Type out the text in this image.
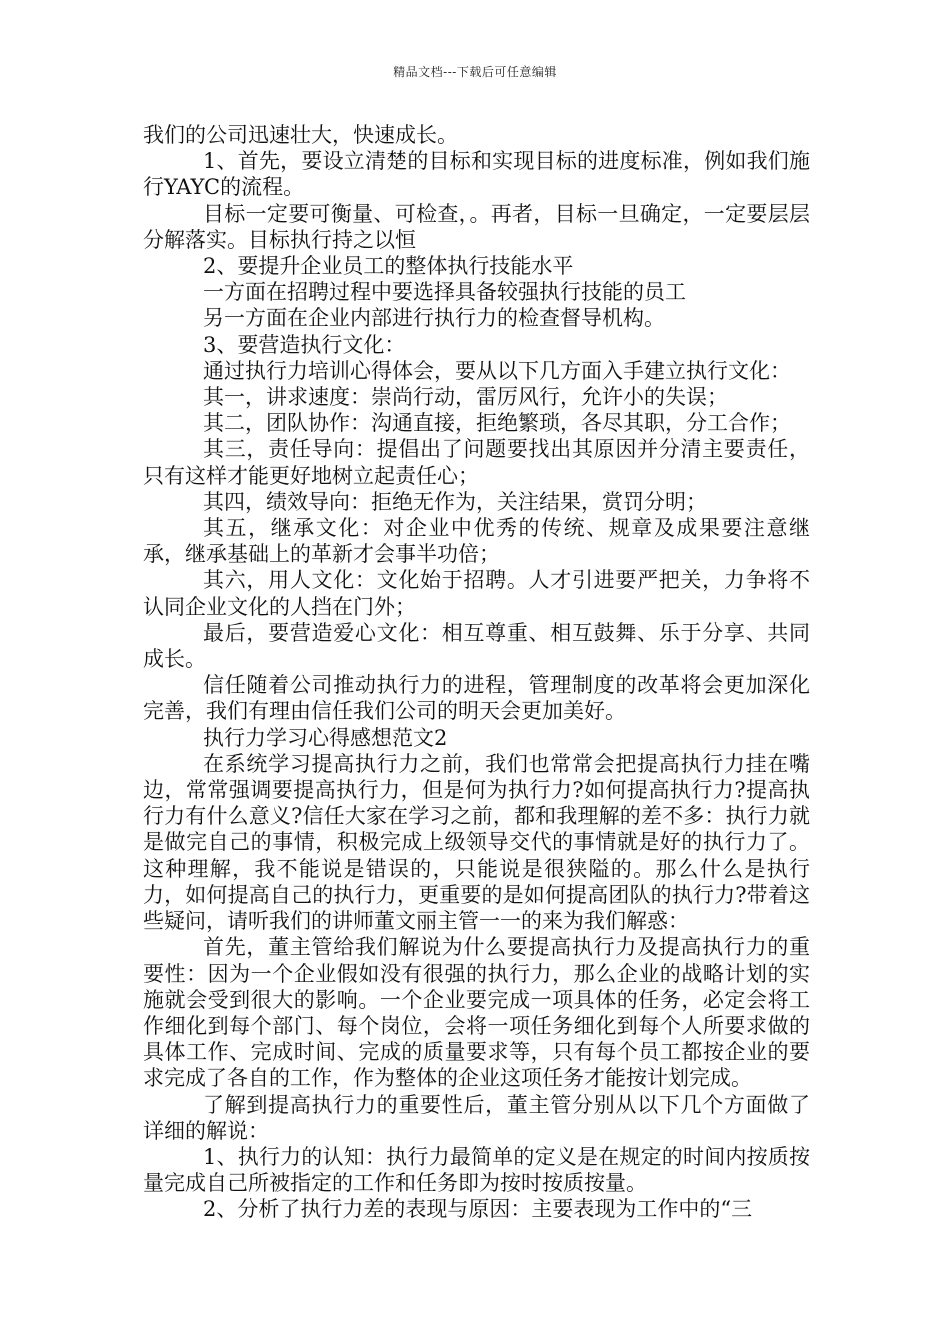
精品文档---下载后可任意编辑

我们的公司迅速壮大，快速成长。

1、首先，要设立清楚的目标和实现目标的进度标准，例如我们施行YAYC的流程。

目标一定要可衡量、可检查，。再者，目标一旦确定，一定要层层分解落实。目标执行持之以恒

2、要提升企业员工的整体执行技能水平

一方面在招聘过程中要选择具备较强执行技能的员工

另一方面在企业内部进行执行力的检查督导机构。

3、要营造执行文化：

通过执行力培训心得体会，要从以下几方面入手建立执行文化：

其一，讲求速度：崇尚行动，雷厉风行，允许小的失误；

其二，团队协作：沟通直接，拒绝繁琐，各尽其职，分工合作；

其三，责任导向：提倡出了问题要找出其原因并分清主要责任，只有这样才能更好地树立起责任心；

其四，绩效导向：拒绝无作为，关注结果，赏罚分明；

其五，继承文化：对企业中优秀的传统、规章及成果要注意继承，继承基础上的革新才会事半功倍；

其六，用人文化：文化始于招聘。人才引进要严把关，力争将不认同企业文化的人挡在门外；

最后，要营造爱心文化：相互尊重、相互鼓舞、乐于分享、共同成长。

信任随着公司推动执行力的进程，管理制度的改革将会更加深化完善，我们有理由信任我们公司的明天会更加美好。

执行力学习心得感想范文2

在系统学习提高执行力之前，我们也常常会把提高执行力挂在嘴边，常常强调要提高执行力，但是何为执行力?如何提高执行力?提高执行力有什么意义?信任大家在学习之前，都和我理解的差不多：执行力就是做完自己的事情，积极完成上级领导交代的事情就是好的执行力了。这种理解，我不能说是错误的，只能说是很狭隘的。那么什么是执行力，如何提高自己的执行力，更重要的是如何提高团队的执行力?带着这些疑问，请听我们的讲师董文丽主管一一的来为我们解惑：

首先，董主管给我们解说为什么要提高执行力及提高执行力的重要性：因为一个企业假如没有很强的执行力，那么企业的战略计划的实施就会受到很大的影响。一个企业要完成一项具体的任务，必定会将工作细化到每个部门、每个岗位，会将一项任务细化到每个人所要求做的具体工作、完成时间、完成的质量要求等，只有每个员工都按企业的要求完成了各自的工作，作为整体的企业这项任务才能按计划完成。

了解到提高执行力的重要性后，董主管分别从以下几个方面做了详细的解说：

1、执行力的认知：执行力最简单的定义是在规定的时间内按质按量完成自己所被指定的工作和任务即为按时按质按量。

2、分析了执行力差的表现与原因：主要表现为工作中的“三
